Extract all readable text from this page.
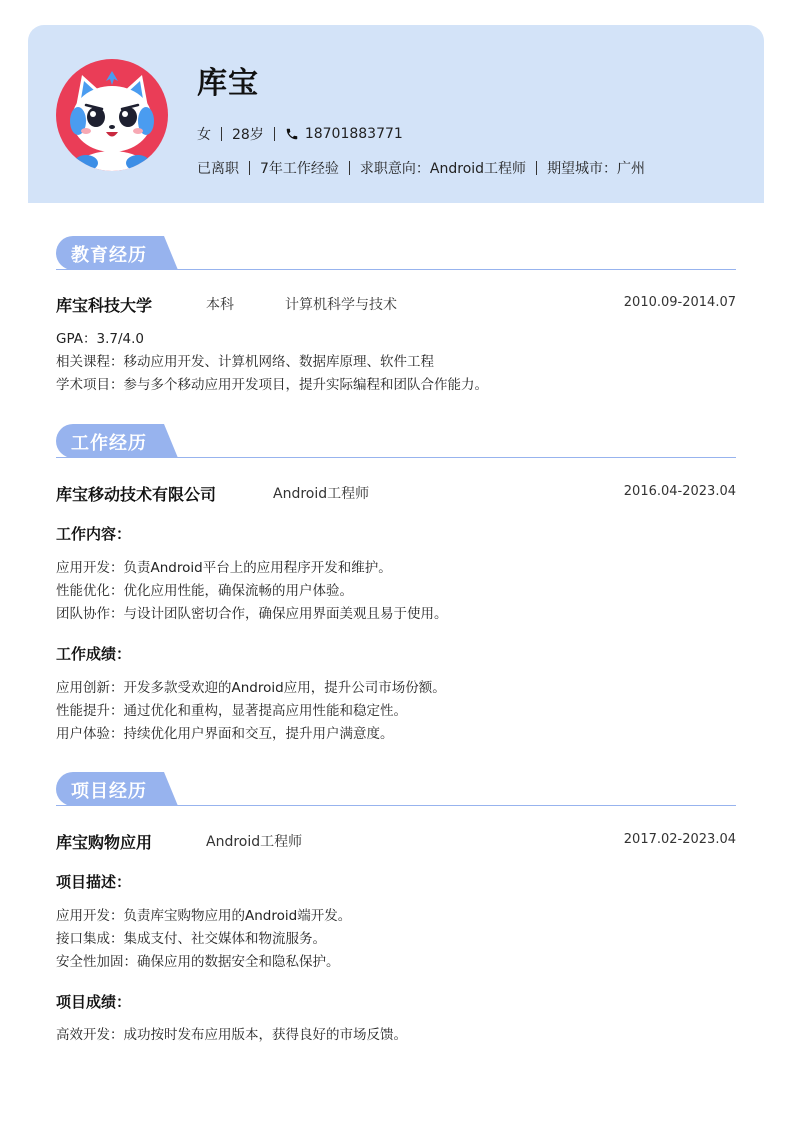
库宝
女 28岁	18701883771
已离职 7年工作经验 求职意向：Android工程师 期望城市：广州
教育经历
库宝科技大学	本科	计算机科学与技术	2010.09-2014.07
GPA：3.7/4.0
相关课程：移动应用开发、计算机网络、数据库原理、软件工程
学术项目：参与多个移动应用开发项目，提升实际编程和团队合作能力。
工作经历
库宝移动技术有限公司	Android工程师	2016.04-2023.04
工作内容：
应用开发：负责Android平台上的应用程序开发和维护。
性能优化：优化应用性能，确保流畅的用户体验。
团队协作：与设计团队密切合作，确保应用界面美观且易于使用。
工作成绩：
应用创新：开发多款受欢迎的Android应用，提升公司市场份额。
性能提升：通过优化和重构，显著提高应用性能和稳定性。
用户体验：持续优化用户界面和交互，提升用户满意度。
项目经历
库宝购物应用	Android工程师	2017.02-2023.04
项目描述：
应用开发：负责库宝购物应用的Android端开发。
接口集成：集成支付、社交媒体和物流服务。
安全性加固：确保应用的数据安全和隐私保护。
项目成绩：
高效开发：成功按时发布应用版本，获得良好的市场反馈。
